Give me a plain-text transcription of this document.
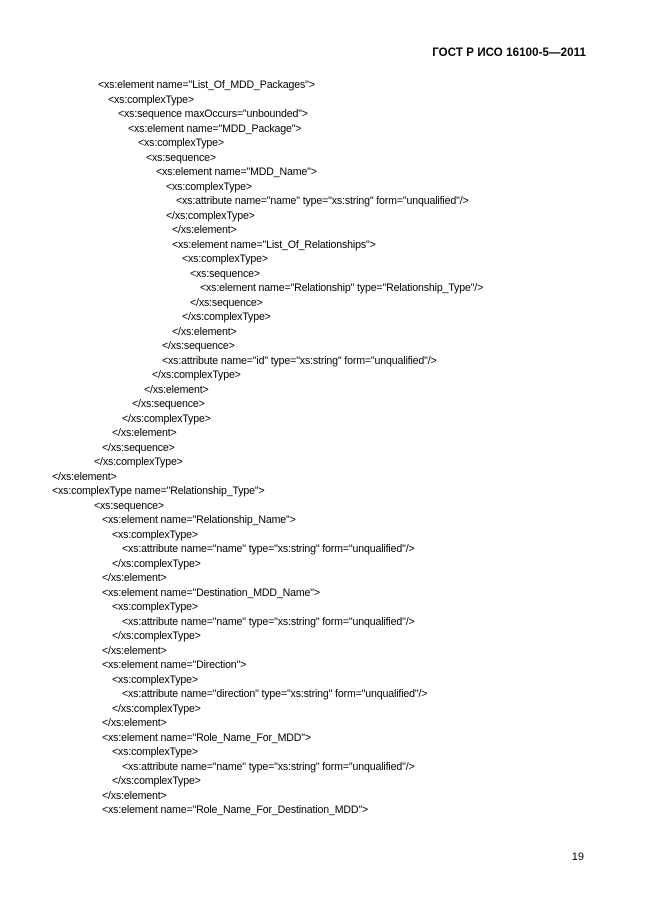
ГОСТ Р ИСО 16100-5—2011
<xs:element name="List_Of_MDD_Packages">
<xs:complexType>
<xs:sequence maxOccurs="unbounded">
<xs:element name="MDD_Package">
<xs:complexType>
<xs:sequence>
<xs:element name="MDD_Name">
<xs:complexType>
<xs:attribute name="name" type="xs:string" form="unqualified"/>
</xs:complexType>
</xs:element>
<xs:element name="List_Of_Relationships">
<xs:complexType>
<xs:sequence>
<xs:element name="Relationship" type="Relationship_Type"/>
</xs:sequence>
</xs:complexType>
</xs:element>
</xs:sequence>
<xs:attribute name="id" type="xs:string" form="unqualified"/>
</xs:complexType>
</xs:element>
</xs:sequence>
</xs:complexType>
</xs:element>
</xs:sequence>
</xs:complexType>
</xs:element>
<xs:complexType name="Relationship_Type">
<xs:sequence>
<xs:element name="Relationship_Name">
<xs:complexType>
<xs:attribute name="name" type="xs:string" form="unqualified"/>
</xs:complexType>
</xs:element>
<xs:element name="Destination_MDD_Name">
<xs:complexType>
<xs:attribute name="name" type="xs:string" form="unqualified"/>
</xs:complexType>
</xs:element>
<xs:element name="Direction">
<xs:complexType>
<xs:attribute name="direction" type="xs:string" form="unqualified"/>
</xs:complexType>
</xs:element>
<xs:element name="Role_Name_For_MDD">
<xs:complexType>
<xs:attribute name="name" type="xs:string" form="unqualified"/>
</xs:complexType>
</xs:element>
<xs:element name="Role_Name_For_Destination_MDD">
19
